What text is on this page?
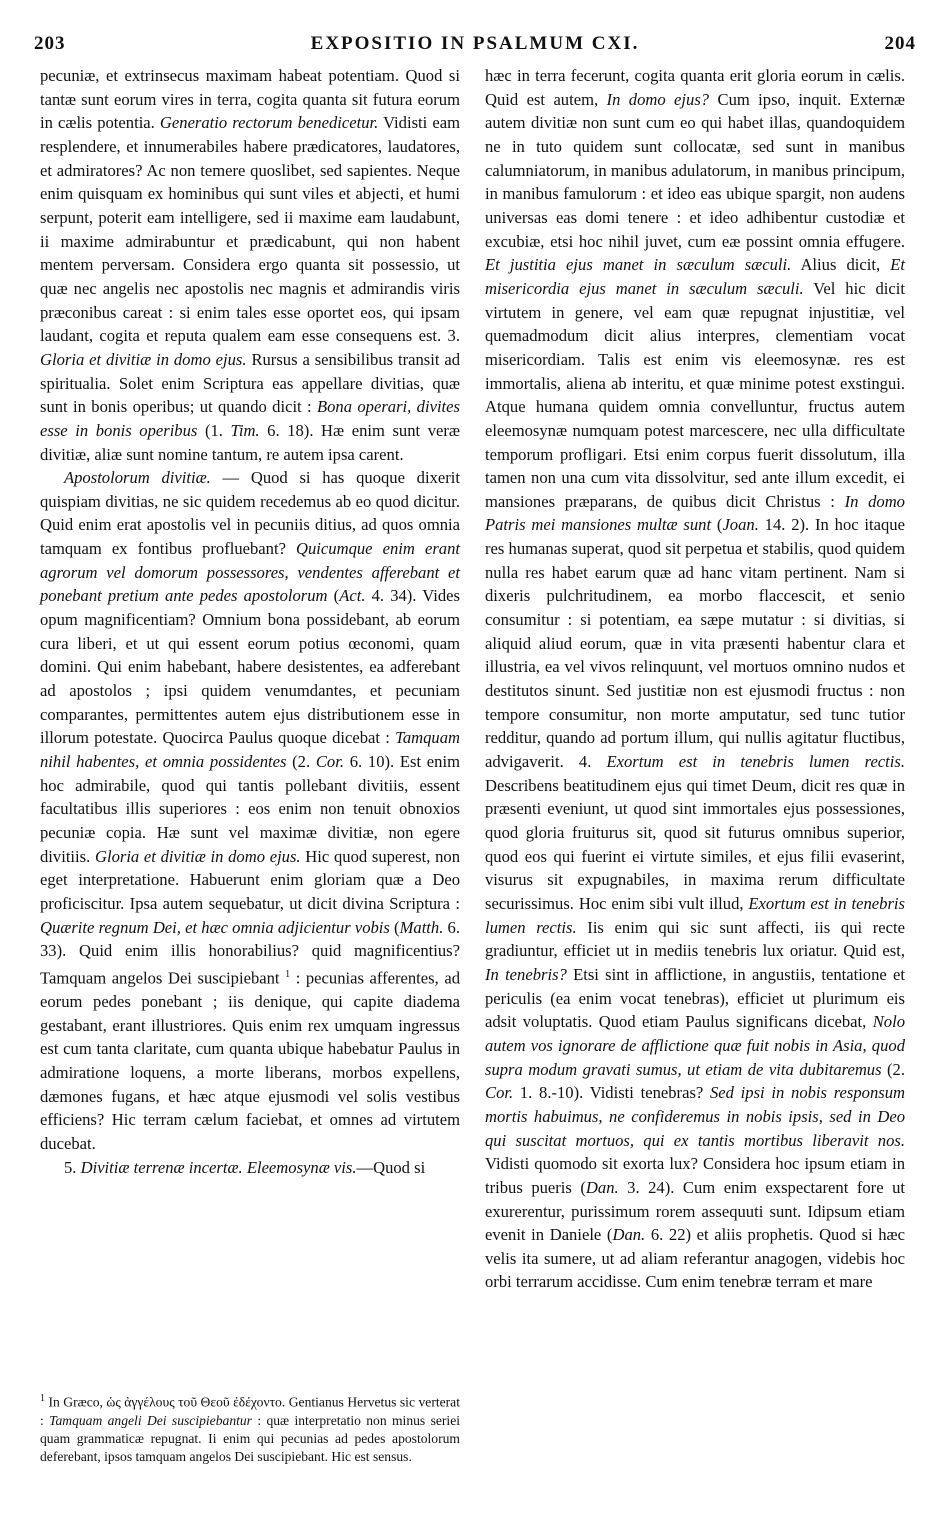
203	EXPOSITIO IN PSALMUM CXI.	204

pecuniæ, et extrinsecus maximam habeat potentiam. Quod si tantæ sunt eorum vires in terra, cogita quanta sit futura eorum in cælis potentia. Generatio rectorum benedicetur. Vidisti eam resplendere, et innumerabiles habere prædicatores, laudatores, et admiratores? Ac non temere quoslibet, sed sapientes. Neque enim quisquam ex hominibus qui sunt viles et abjecti, et humi serpunt, poterit eam intelligere, sed ii maxime eam laudabunt, ii maxime admirabuntur et prædicabunt, qui non habent mentem perversam. Considera ergo quanta sit possessio, ut quæ nec angelis nec apostolis nec magnis et admirandis viris præconibus careat : si enim tales esse oportet eos, qui ipsam laudant, cogita et reputa qualem eam esse consequens est. 3. Gloria et divitiæ in domo ejus. Rursus a sensibilibus transit ad spiritualia. Solet enim Scriptura eas appellare divitias, quæ sunt in bonis operibus; ut quando dicit : Bona operari, divites esse in bonis operibus (1. Tim. 6. 18). Hæ enim sunt veræ divitiæ, aliæ sunt nomine tantum, re autem ipsa carent.

Apostolorum divitiæ. — Quod si has quoque dixerit quispiam divitias, ne sic quidem recedemus ab eo quod dicitur. Quid enim erat apostolis vel in pecuniis ditius, ad quos omnia tamquam ex fontibus profluebant? Quicumque enim erant agrorum vel domorum possessores, vendentes afferebant et ponebant pretium ante pedes apostolorum (Act. 4. 34). Vides opum magnificentiam? Omnium bona possidebant, ab eorum cura liberi, et ut qui essent eorum potius œconomi, quam domini. Qui enim habebant, habere desistentes, ea adferebant ad apostolos ; ipsi quidem venumdantes, et pecuniam comparantes, permittentes autem ejus distributionem esse in illorum potestate. Quocirca Paulus quoque dicebat : Tamquam nihil habentes, et omnia possidentes (2. Cor. 6. 10). Est enim hoc admirabile, quod qui tantis pollebant divitiis, essent facultatibus illis superiores : eos enim non tenuit obnoxios pecuniæ copia. Hæ sunt vel maximæ divitiæ, non egere divitiis. Gloria et divitiæ in domo ejus. Hic quod superest, non eget interpretatione. Habuerunt enim gloriam quæ a Deo proficiscitur. Ipsa autem sequebatur, ut dicit divina Scriptura : Quærite regnum Dei, et hæc omnia adjicientur vobis (Matth. 6. 33). Quid enim illis honorabilius? quid magnificentius? Tamquam angelos Dei suscipiebant $^1$ : pecunias afferentes, ad eorum pedes ponebant ; iis denique, qui capite diadema gestabant, erant illustriores. Quis enim rex umquam ingressus est cum tanta claritate, cum quanta ubique habebatur Paulus in admiratione loquens, a morte liberans, morbos expellens, dæmones fugans, et hæc atque ejusmodi vel solis vestibus efficiens? Hic terram cælum faciebat, et omnes ad virtutem ducebat.

5. Divitiæ terrenæ incertæ. Eleemosynæ vis.—Quod si

hæc in terra fecerunt, cogita quanta erit gloria eorum in cælis. Quid est autem, In domo ejus? Cum ipso, inquit. Externæ autem divitiæ non sunt cum eo qui habet illas, quandoquidem ne in tuto quidem sunt collocatæ, sed sunt in manibus calumniatorum, in manibus adulatorum, in manibus principum, in manibus famulorum : et ideo eas ubique spargit, non audens universas eas domi tenere : et ideo adhibentur custodiæ et excubiæ, etsi hoc nihil juvet, cum eæ possint omnia effugere. Et justitia ejus manet in sæculum sæculi. Alius dicit, Et misericordia ejus manet in sæculum sæculi. Vel hic dicit virtutem in genere, vel eam quæ repugnat injustitiæ, vel quemadmodum dicit alius interpres, clementiam vocat misericordiam. Talis est enim vis eleemosynæ. res est immortalis, aliena ab interitu, et quæ minime potest exstingui. Atque humana quidem omnia convelluntur, fructus autem eleemosynæ numquam potest marcescere, nec ulla difficultate temporum profligari. Etsi enim corpus fuerit dissolutum, illa tamen non una cum vita dissolvitur, sed ante illum excedit, ei mansiones præparans, de quibus dicit Christus : In domo Patris mei mansiones multæ sunt (Joan. 14. 2). In hoc itaque res humanas superat, quod sit perpetua et stabilis, quod quidem nulla res habet earum quæ ad hanc vitam pertinent. Nam si dixeris pulchritudinem, ea morbo flaccescit, et senio consumitur : si potentiam, ea sæpe mutatur : si divitias, si aliquid aliud eorum, quæ in vita præsenti habentur clara et illustria, ea vel vivos relinquunt, vel mortuos omnino nudos et destitutos sinunt. Sed justitiæ non est ejusmodi fructus : non tempore consumitur, non morte amputatur, sed tunc tutior redditur, quando ad portum illum, qui nullis agitatur fluctibus, advigaverit. 4. Exortum est in tenebris lumen rectis. Describens beatitudinem ejus qui timet Deum, dicit res quæ in præsenti eveniunt, ut quod sint immortales ejus possessiones, quod gloria fruiturus sit, quod sit futurus omnibus superior, quod eos qui fuerint ei virtute similes, et ejus filii evaserint, visurus sit expugnabiles, in maxima rerum difficultate securissimus. Hoc enim sibi vult illud, Exortum est in tenebris lumen rectis. Iis enim qui sic sunt affecti, iis qui recte gradiuntur, efficiet ut in mediis tenebris lux oriatur. Quid est, In tenebris? Etsi sint in afflictione, in angustiis, tentatione et periculis (ea enim vocat tenebras), efficiet ut plurimum eis adsit voluptatis. Quod etiam Paulus significans dicebat, Nolo autem vos ignorare de afflictione quæ fuit nobis in Asia, quod supra modum gravati sumus, ut etiam de vita dubitaremus (2. Cor. 1. 8.-10). Vidisti tenebras? Sed ipsi in nobis responsum mortis habuimus, ne confideremus in nobis ipsis, sed in Deo qui suscitat mortuos, qui ex tantis mortibus liberavit nos. Vidisti quomodo sit exorta lux? Considera hoc ipsum etiam in tribus pueris (Dan. 3. 24). Cum enim exspectarent fore ut exurerentur, purissimum rorem assequuti sunt. Idipsum etiam evenit in Daniele (Dan. 6. 22) et aliis prophetis. Quod si hæc velis ita sumere, ut ad aliam referantur anagogen, videbis hoc orbi terrarum accidisse. Cum enim tenebræ terram et mare

$^1$ In Græco, ὡς ἀγγέλους τοῦ Θεοῦ ἐδέχοντο. Gentianus Hervetus sic verterat : Tamquam angeli Dei suscipiebantur : quæ interpretatio non minus seriei quam grammaticæ repugnat. Ii enim qui pecunias ad pedes apostolorum deferebant, ipsos tamquam angelos Dei suscipiebant. Hic est sensus.
